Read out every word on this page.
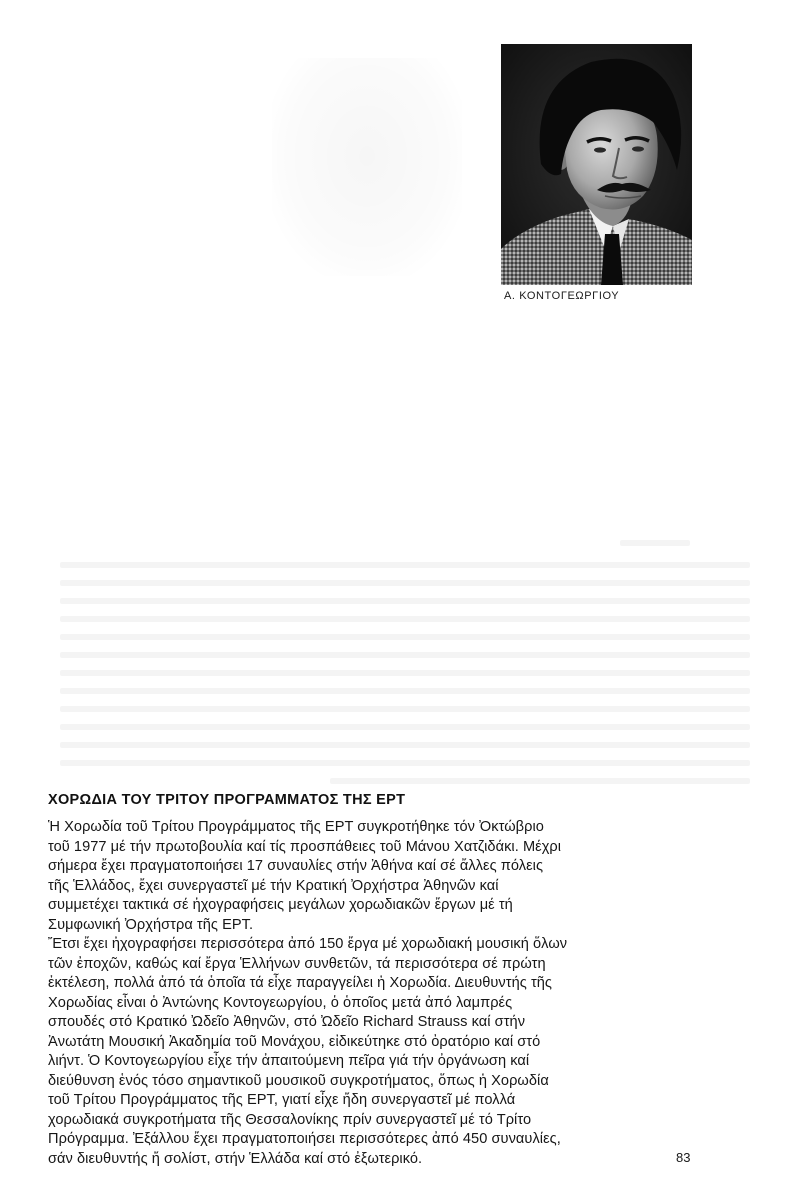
Α. ΚΟΝΤΟΓΕΩΡΓΙΟΥ
ΧΟΡΩΔΙΑ ΤΟΥ ΤΡΙΤΟΥ ΠΡΟΓΡΑΜΜΑΤΟΣ ΤΗΣ ΕΡΤ
Ἡ Χορωδία τοῦ Τρίτου Προγράμματος τῆς ΕΡΤ συγκροτήθηκε τόν Ὀκτώβριο
τοῦ 1977 μέ τήν πρωτοβουλία καί τίς προσπάθειες τοῦ Μάνου Χατζιδάκι. Μέχρι
σήμερα ἔχει πραγματοποιήσει 17 συναυλίες στήν Ἀθήνα καί σέ ἄλλες πόλεις
τῆς Ἑλλάδος, ἔχει συνεργαστεῖ μέ τήν Κρατική Ὀρχήστρα Ἀθηνῶν καί
συμμετέχει τακτικά σέ ἠχογραφήσεις μεγάλων χορωδιακῶν ἔργων μέ τή
Συμφωνική Ὀρχήστρα τῆς ΕΡΤ.
Ἔτσι ἔχει ἠχογραφήσει περισσότερα ἀπό 150 ἔργα μέ χορωδιακή μουσική ὅλων
τῶν ἐποχῶν, καθώς καί ἔργα Ἑλλήνων συνθετῶν, τά περισσότερα σέ πρώτη
ἐκτέλεση, πολλά ἀπό τά ὁποῖα τά εἶχε παραγγείλει ἡ Χορωδία. Διευθυντής τῆς
Χορωδίας εἶναι ὁ Ἀντώνης Κοντογεωργίου, ὁ ὁποῖος μετά ἀπό λαμπρές
σπουδές στό Κρατικό Ὠδεῖο Ἀθηνῶν, στό Ὠδεῖο Richard Strauss καί στήν
Ἀνωτάτη Μουσική Ἀκαδημία τοῦ Μονάχου, εἰδικεύτηκε στό ὀρατόριο καί στό
λιήντ. Ὁ Κοντογεωργίου εἶχε τήν ἀπαιτούμενη πεῖρα γιά τήν ὀργάνωση καί
διεύθυνση ἑνός τόσο σημαντικοῦ μουσικοῦ συγκροτήματος, ὅπως ἡ Χορωδία
τοῦ Τρίτου Προγράμματος τῆς ΕΡΤ, γιατί εἶχε ἤδη συνεργαστεῖ μέ πολλά
χορωδιακά συγκροτήματα τῆς Θεσσαλονίκης πρίν συνεργαστεῖ μέ τό Τρίτο
Πρόγραμμα. Ἐξάλλου ἔχει πραγματοποιήσει περισσότερες ἀπό 450 συναυλίες,
σάν διευθυντής ἤ σολίστ, στήν Ἑλλάδα καί στό ἐξωτερικό.	83
